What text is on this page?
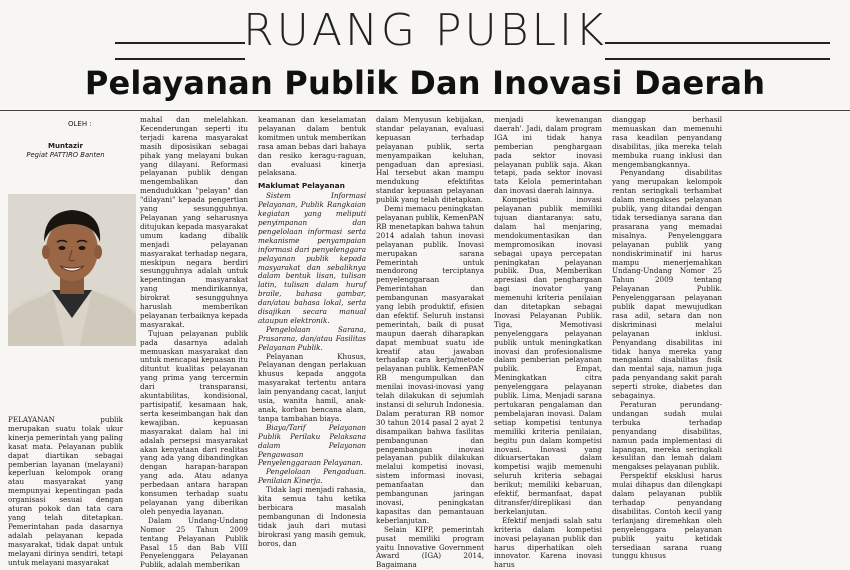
RUANG PUBLIK
Pelayanan Publik Dan Inovasi Daerah
OLEH :
Muntazir
Pegiat PATTIRO Banten

PELAYANAN publik merupakan suatu tolak ukur kinerja pemerintah yang paling kasat mata. Pelayanan publik dapat diartikan sebagai pemberian layanan (melayani) keperluan kelompok orang atau masyarakat yang mempunyai kepentingan pada organisasi sesuai dengan aturan pokok dan tata cara yang telah ditetapkan. Pemerintahan pada dasarnya adalah pelayanan kepada masyarakat, tidak dapat untuk melayani dirinya sendiri, tetapi untuk melayani masyarakat

mahal dan melelahkan. Kecenderungan seperti itu terjadi karena masyarakat masih diposisikan sebagai pihak yang melayani bukan yang dilayani. Reformasi pelayanan publik dengan mengembalikan dan mendudukkan "pelayan" dan "dilayani" kepada pengertian yang sesungguhnya. Pelayanan yang seharusnya ditujukan kepada masyarakat umum kadang dibalik menjadi pelayanan masyarakat terhadap negara, meskipun negara berdiri sesungguhnya adalah untuk kepentingan masyarakat yang mendirikannya, birokrat sesungguhnya haruslah memberikan pelayanan terbaiknya kepada masyarakat.

Tujuan pelayanan publik pada dasarnya adalah memuaskan masyarakat dan untuk mencapai kepuasan itu dituntut kualitas pelayanan yang prima yang tercermin dari transparansi, akuntabilitas, kondisional, partisipatif, kesamaan hak, serta keseimbangan hak dan kewajiban. kepuasan masyarakat dalam hal ini adalah persepsi masyarakat akan kenyataan dari realitas yang ada yang dibandingkan dengan harapan-harapan yang ada. Atau adanya perbedaan antara harapan konsumen terhadap suatu pelayanan yang diberikan oleh penyedia layanan.

Dalam Undang-Undang Nomor 25 Tahun 2009 tentang Pelayanan Publik Pasal 15 dan Bab VIII Penyelenggara Pelayanan Publik, adalah memberikan

keamanan dan keselamatan pelayanan dalam bentuk komitmen untuk memberikan rasa aman bebas dari bahaya dan resiko keragu-raguan, dan evaluasi kinerja pelaksana.

Maklumat Pelayanan

Sistem Informasi Pelayanan, Publik Rangkaian kegiatan yang meliputi penyimpanan dan pengelolaan informasi serta mekanisme penyampaian informasi dari penyelenggara pelayanan publik kepada masyarakat dan sebaliknya dalam bentuk lisan, tulisan latin, tulisan dalam huruf braile, bahasa gambar, dan/atau bahasa lokal, serta disajikan secara manual ataupun elektronik.

Pengelolaan Sarana, Prasarana, dan/atau Fasilitas Pelayanan Publik.

Pelayanan Khusus, Pelayanan dengan perlakuan khusus kepada anggota masyarakat tertentu antara lain penyandang cacat, lanjut usia, wanita hamil, anak-anak, korban bencana alam, tanpa tambahan biaya.

Biaya/Tarif Pelayanan Publik Perilaku Pelaksana dalam Pelayanan Pengawasan Penyelenggaraan Pelayanan.

Pengelolaan Pengaduan. Penilaian Kinerja.

Tidak lagi menjadi rahasia, kita semua tahu ketika berbicara masalah pembangunan di Indonesia tidak jauh dari mutasi birokrasi yang masih gemuk, boros, dan

dalam Menyusun kebijakan, standar pelayanan, evaluasi kepuasan terhadap pelayanan publik, serta menyampaikan keluhan, pengaduan dan apresiasi. Hal tersebut akan mampu mendukung efektifitas standar kepuasan pelayanan publik yang telah ditetapkan.

Demi memacu peningkatan pelayanan publik, KemenPAN RB menetapkan bahwa tahun 2014 adalah tahun inovasi pelayanan publik. Inovasi merupakan sarana Pemerintah untuk mendorong terciptanya penyelenggaraan Pemerintahan dan pembangunan masyarakat yang lebih produktif, efisien dan efektif. Seluruh instansi pemerintah, baik di pusat maupun daerah diharapkan dapat membuat suatu ide kreatif atau jawaban terhadap cara kerja/metode pelayanan publik. KemenPAN RB mengumpulkan dan menilai inovasi-inovasi yang telah dilakukan di sejumlah instansi di seluruh Indonesia. Dalam peraturan RB nomor 30 tahun 2014 pasal 2 ayat 2 disampaikan bahwa fasilitas pembangunan dan pengembangan inovasi pelayanan publik dilakukan melalui kompetisi inovasi, sistem informasi inovasi, pemanfaatan dan pembangunan jaringan inovasi, peningkatan kapasitas dan pemantauan keberlanjutan.

Selain KIPP, pemerintah pusat memiliki program yaitu Innovative Government Award (IGA) 2014, Bagaimana

menjadi kewenangan daerah'. Jadi, dalam program IGA ini tidak hanya pemberian penghargaan pada sektor inovasi pelayanan publik saja. Akan tetapi, pada sektor inovasi tata Kelola pemerintahan dan inovasi daerah lainnya.

Kompetisi inovasi pelayanan publik memiliki tujuan diantaranya: satu, dalam hal menjaring, mendokumentasikan dan mempromosikan inovasi sebagai upaya percepatan peningkatan pelayanan publik. Dua, Memberikan apresiasi dan penghargaan bagi inovator yang memenuhi kriteria penilaian dan ditetapkan sebagai Inovasi Pelayanan Publik. Tiga, Memotivasi penyelenggara pelayanan publik untuk meningkatkan inovasi dan profesionalisme dalam pemberian pelayanan publik. Empat, Meningkatkan citra penyelenggara pelayanan publik. Lima, Menjadi sarana pertukaran pengalaman dan pembelajaran inovasi. Dalam setiap kompetisi tentunya memiliki kriteria penilaian, begitu pun dalam kompetisi inovasi. Inovasi yang dikuarsertakan dalam kompetisi wajib memenuhi seluruh kriteria sebagai berikut; memiliki kebaruan, efektif, bermanfaat, dapat ditransfer/direplikasi dan berkelanjutan.

Efektif menjadi salah satu kriteria dalam kompetisi inovasi pelayanan publik dan harus diperhatikan oleh innovator. Karena inovasi harus

dianggap berhasil memuaskan dan memenuhi rasa keadilan penyandang disabilitas, jika mereka telah membuka ruang inklusi dan mengembangkannya.

Penyandang disabilitas yang merupakan kelompok rentan seringkali terhambat dalam mengakses pelayanan publik, yang ditandai dengan tidak tersedianya sarana dan prasarana yang memadai misalnya. Penyelenggara pelayanan publik yang nondiskriminatif ini harus mampu menerjemahkan Undang-Undang Nomor 25 Tahun 2009 tentang Pelayanan Publik. Penyelenggaraan pelayanan publik dapat mewujudkan rasa adil, setara dan non diskriminasi melalui pelayanan inklusi. Penyandang disabilitas ini tidak hanya mereka yang mengalami disabilitas fisik dan mental saja, namun juga pada penyandang sakit parah seperti stroke, diabetes dan sebagainya.

Peraturan perundang-undangan sudah mulai terbuka terhadap penyandang disabilitas, namun pada implementasi di lapangan, mereka seringkali kesulitan dan lemah dalam mengakses pelayanan publik.

Perspektif eksklusi harus mulai dihapus dan dilengkapi dalam pelayanan publik terhadap penyandang disabilitas. Contoh kecil yang terlanjang diremehkan oleh penyelenggara pelayanan publik yaitu ketidak tersediaan sarana ruang tunggu khusus
